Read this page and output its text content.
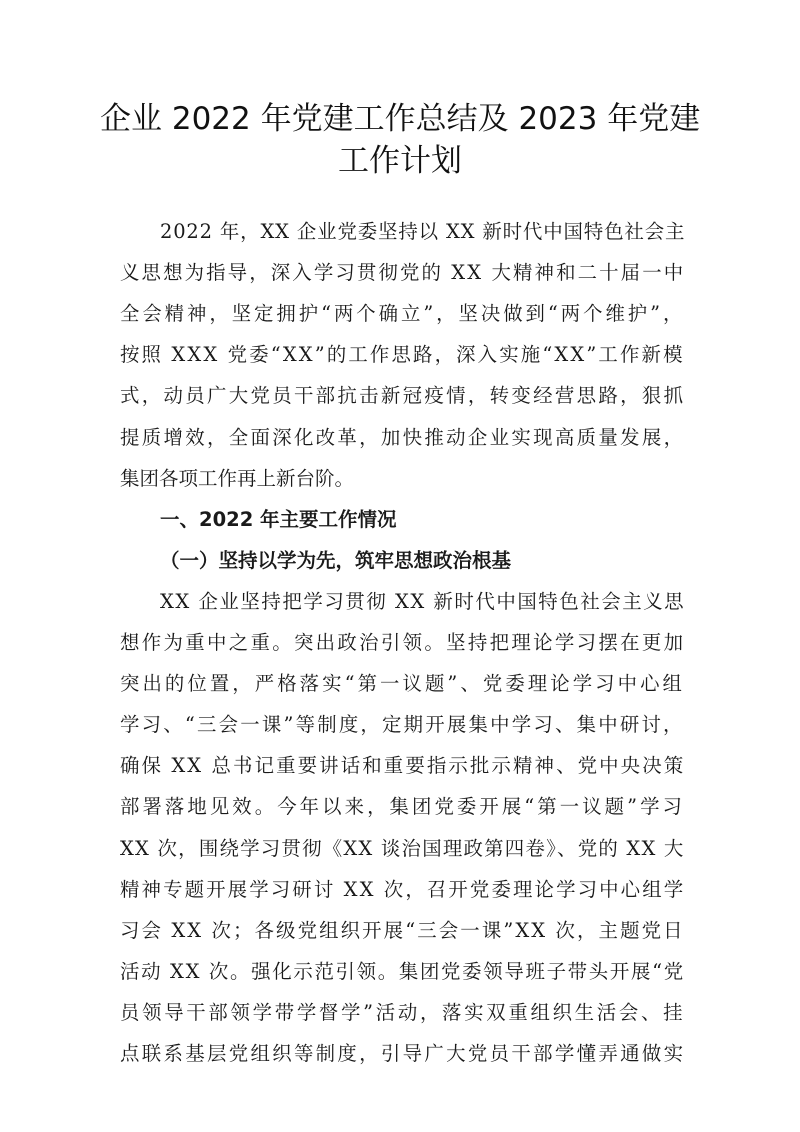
企业 2022 年党建工作总结及 2023 年党建
工作计划
2022 年，XX 企业党委坚持以 XX 新时代中国特色社会主
义思想为指导，深入学习贯彻党的 XX 大精神和二十届一中
全会精神，坚定拥护“两个确立”，坚决做到“两个维护”，
按照 XXX 党委“XX”的工作思路，深入实施“XX”工作新模
式，动员广大党员干部抗击新冠疫情，转变经营思路，狠抓
提质增效，全面深化改革，加快推动企业实现高质量发展，
集团各项工作再上新台阶。
一、2022 年主要工作情况
（一）坚持以学为先，筑牢思想政治根基
XX 企业坚持把学习贯彻 XX 新时代中国特色社会主义思
想作为重中之重。突出政治引领。坚持把理论学习摆在更加
突出的位置，严格落实“第一议题”、党委理论学习中心组
学习、“三会一课”等制度，定期开展集中学习、集中研讨，
确保 XX 总书记重要讲话和重要指示批示精神、党中央决策
部署落地见效。今年以来，集团党委开展“第一议题”学习
XX 次，围绕学习贯彻《XX 谈治国理政第四卷》、党的 XX 大
精神专题开展学习研讨 XX 次，召开党委理论学习中心组学
习会 XX 次；各级党组织开展“三会一课”XX 次，主题党日
活动 XX 次。强化示范引领。集团党委领导班子带头开展“党
员领导干部领学带学督学”活动，落实双重组织生活会、挂
点联系基层党组织等制度，引导广大党员干部学懂弄通做实
